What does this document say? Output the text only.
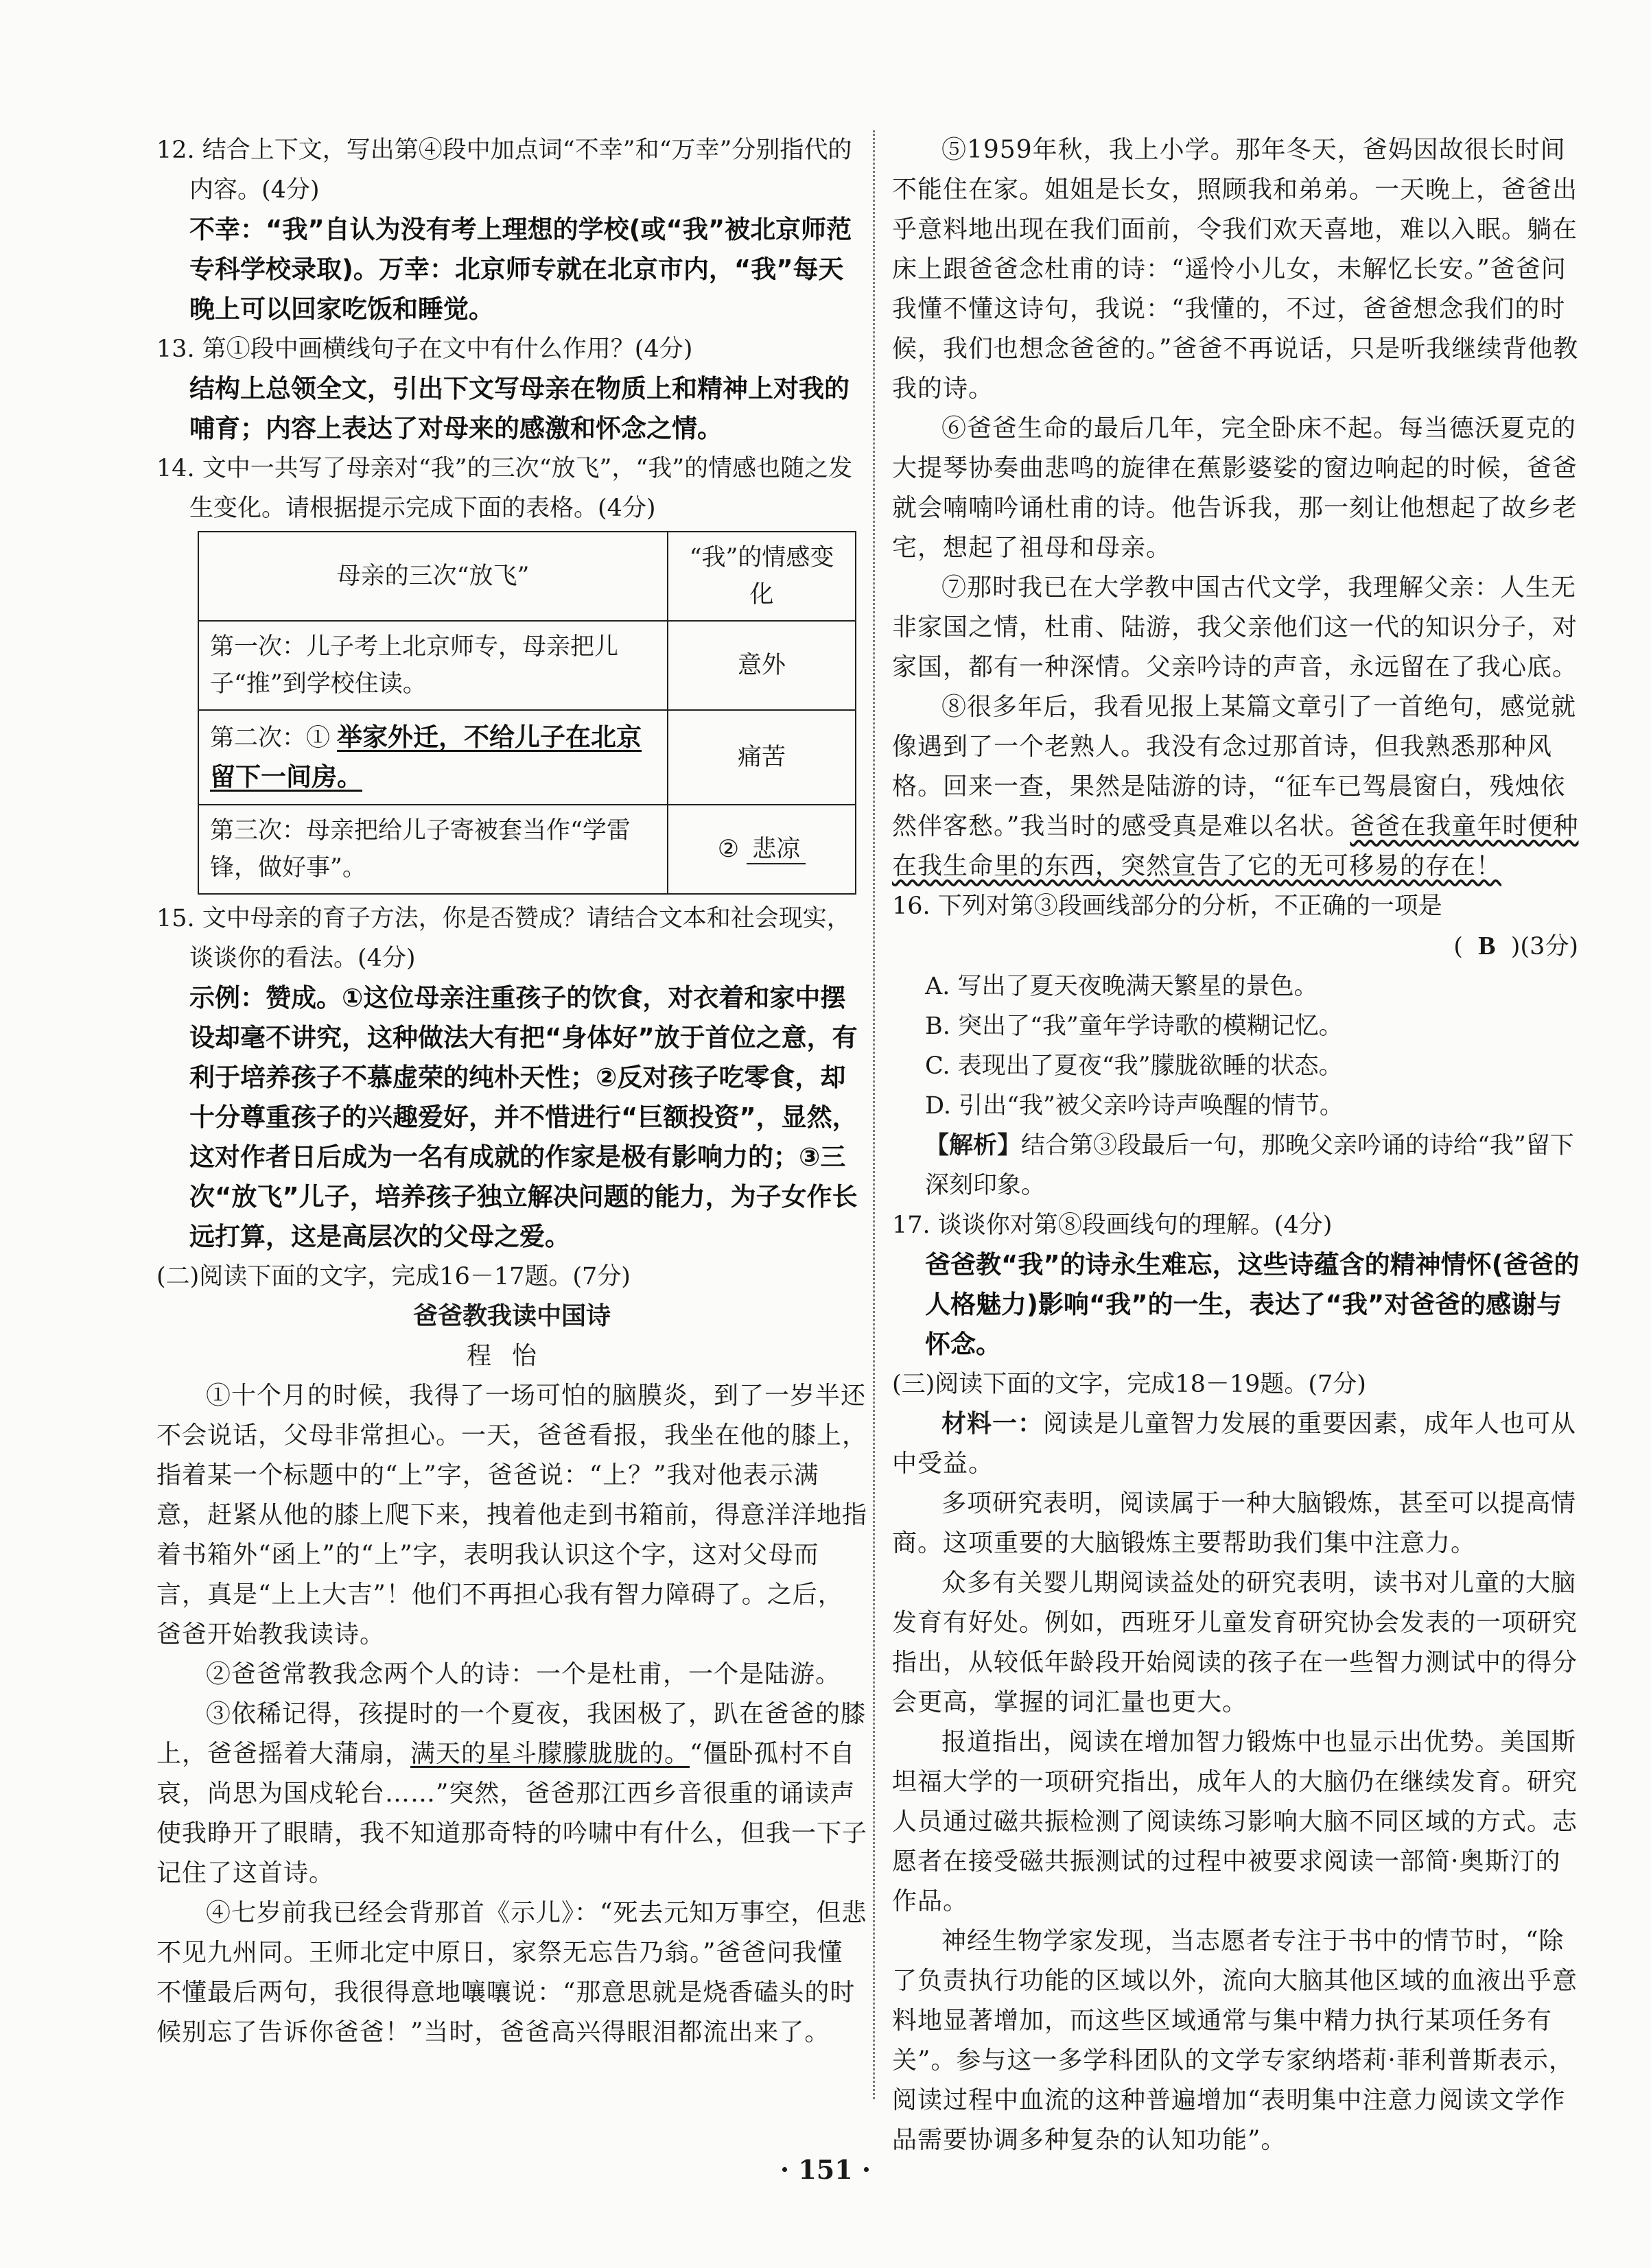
12. 结合上下文，写出第④段中加点词“不幸”和“万幸”分别指代的内容。(4分)

不幸：“我”自认为没有考上理想的学校(或“我”被北京师范专科学校录取)。万幸：北京师专就在北京市内，“我”每天晚上可以回家吃饭和睡觉。

13. 第①段中画横线句子在文中有什么作用？(4分)

结构上总领全文，引出下文写母亲在物质上和精神上对我的哺育；内容上表达了对母来的感激和怀念之情。

14. 文中一共写了母亲对“我”的三次“放飞”，“我”的情感也随之发生变化。请根据提示完成下面的表格。(4分)

母亲的三次“放飞”	“我”的情感变化
第一次：儿子考上北京师专，母亲把儿子“推”到学校住读。	意外
第二次：① 举家外迁，不给儿子在北京留下一间房。	痛苦
第三次：母亲把给儿子寄被套当作“学雷锋，做好事”。	② 悲凉

15. 文中母亲的育子方法，你是否赞成？请结合文本和社会现实，谈谈你的看法。(4分)

示例：赞成。①这位母亲注重孩子的饮食，对衣着和家中摆设却毫不讲究，这种做法大有把“身体好”放于首位之意，有利于培养孩子不慕虚荣的纯朴天性；②反对孩子吃零食，却十分尊重孩子的兴趣爱好，并不惜进行“巨额投资”，显然，这对作者日后成为一名有成就的作家是极有影响力的；③三次“放飞”儿子，培养孩子独立解决问题的能力，为子女作长远打算，这是高层次的父母之爱。

(二)阅读下面的文字，完成16－17题。(7分)

爸爸教我读中国诗

程怡

①十个月的时候，我得了一场可怕的脑膜炎，到了一岁半还不会说话，父母非常担心。一天，爸爸看报，我坐在他的膝上，指着某一个标题中的“上”字，爸爸说：“上？”我对他表示满意，赶紧从他的膝上爬下来，拽着他走到书箱前，得意洋洋地指着书箱外“函上”的“上”字，表明我认识这个字，这对父母而言，真是“上上大吉”！他们不再担心我有智力障碍了。之后，爸爸开始教我读诗。

②爸爸常教我念两个人的诗：一个是杜甫，一个是陆游。

③依稀记得，孩提时的一个夏夜，我困极了，趴在爸爸的膝上，爸爸摇着大蒲扇，满天的星斗朦朦胧胧的。“僵卧孤村不自哀，尚思为国戍轮台……”突然，爸爸那江西乡音很重的诵读声使我睁开了眼睛，我不知道那奇特的吟啸中有什么，但我一下子记住了这首诗。

④七岁前我已经会背那首《示儿》：“死去元知万事空，但悲不见九州同。王师北定中原日，家祭无忘告乃翁。”爸爸问我懂不懂最后两句，我很得意地嚷嚷说：“那意思就是烧香磕头的时候别忘了告诉你爸爸！”当时，爸爸高兴得眼泪都流出来了。

⑤1959年秋，我上小学。那年冬天，爸妈因故很长时间不能住在家。姐姐是长女，照顾我和弟弟。一天晚上，爸爸出乎意料地出现在我们面前，令我们欢天喜地，难以入眠。躺在床上跟爸爸念杜甫的诗：“遥怜小儿女，未解忆长安。”爸爸问我懂不懂这诗句，我说：“我懂的，不过，爸爸想念我们的时候，我们也想念爸爸的。”爸爸不再说话，只是听我继续背他教我的诗。

⑥爸爸生命的最后几年，完全卧床不起。每当德沃夏克的大提琴协奏曲悲鸣的旋律在蕉影婆娑的窗边响起的时候，爸爸就会喃喃吟诵杜甫的诗。他告诉我，那一刻让他想起了故乡老宅，想起了祖母和母亲。

⑦那时我已在大学教中国古代文学，我理解父亲：人生无非家国之情，杜甫、陆游，我父亲他们这一代的知识分子，对家国，都有一种深情。父亲吟诗的声音，永远留在了我心底。

⑧很多年后，我看见报上某篇文章引了一首绝句，感觉就像遇到了一个老熟人。我没有念过那首诗，但我熟悉那种风格。回来一查，果然是陆游的诗，“征车已驾晨窗白，残烛依然伴客愁。”我当时的感受真是难以名状。爸爸在我童年时便种在我生命里的东西，突然宣告了它的无可移易的存在！

16. 下列对第③段画线部分的分析，不正确的一项是

(  B  )(3分)

A. 写出了夏天夜晚满天繁星的景色。

B. 突出了“我”童年学诗歌的模糊记忆。

C. 表现出了夏夜“我”朦胧欲睡的状态。

D. 引出“我”被父亲吟诗声唤醒的情节。

【解析】结合第③段最后一句，那晚父亲吟诵的诗给“我”留下深刻印象。

17. 谈谈你对第⑧段画线句的理解。(4分)

爸爸教“我”的诗永生难忘，这些诗蕴含的精神情怀(爸爸的人格魅力)影响“我”的一生，表达了“我”对爸爸的感谢与怀念。

(三)阅读下面的文字，完成18－19题。(7分)

材料一：阅读是儿童智力发展的重要因素，成年人也可从中受益。

多项研究表明，阅读属于一种大脑锻炼，甚至可以提高情商。这项重要的大脑锻炼主要帮助我们集中注意力。

众多有关婴儿期阅读益处的研究表明，读书对儿童的大脑发育有好处。例如，西班牙儿童发育研究协会发表的一项研究指出，从较低年龄段开始阅读的孩子在一些智力测试中的得分会更高，掌握的词汇量也更大。

报道指出，阅读在增加智力锻炼中也显示出优势。美国斯坦福大学的一项研究指出，成年人的大脑仍在继续发育。研究人员通过磁共振检测了阅读练习影响大脑不同区域的方式。志愿者在接受磁共振测试的过程中被要求阅读一部简·奥斯汀的作品。

神经生物学家发现，当志愿者专注于书中的情节时，“除了负责执行功能的区域以外，流向大脑其他区域的血液出乎意料地显著增加，而这些区域通常与集中精力执行某项任务有关”。参与这一多学科团队的文学专家纳塔莉·菲利普斯表示，阅读过程中血流的这种普遍增加“表明集中注意力阅读文学作品需要协调多种复杂的认知功能”。

· 151 ·
